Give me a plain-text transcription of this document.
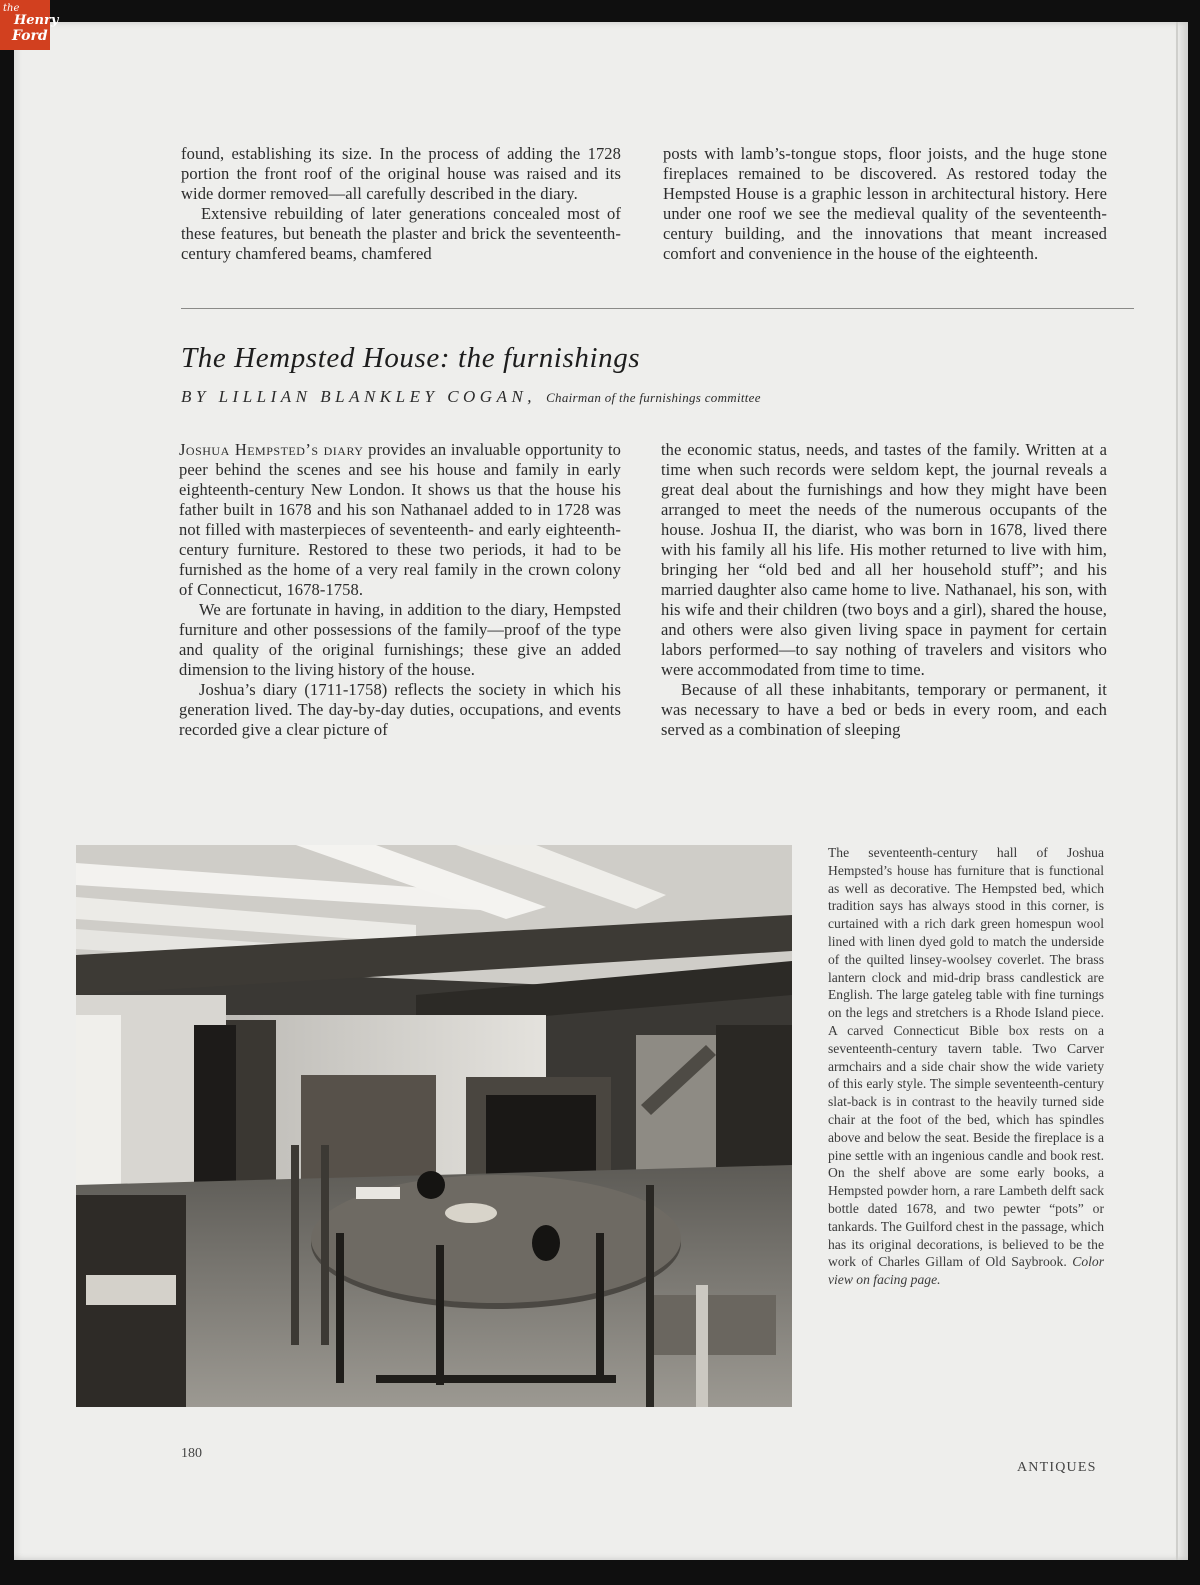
the
Henry
Ford

found, establishing its size. In the process of adding the 1728 portion the front roof of the original house was raised and its wide dormer removed—all carefully described in the diary.

Extensive rebuilding of later generations concealed most of these features, but beneath the plaster and brick the seventeenth-century chamfered beams, chamfered

posts with lamb’s-tongue stops, floor joists, and the huge stone fireplaces remained to be discovered. As restored today the Hempsted House is a graphic lesson in architectural history. Here under one roof we see the medieval quality of the seventeenth-century building, and the innovations that meant increased comfort and convenience in the house of the eighteenth.

The Hempsted House: the furnishings
BY LILLIAN BLANKLEY COGAN, Chairman of the furnishings committee

Joshua Hempsted’s diary provides an invaluable opportunity to peer behind the scenes and see his house and family in early eighteenth-century New London. It shows us that the house his father built in 1678 and his son Nathanael added to in 1728 was not filled with masterpieces of seventeenth- and early eighteenth-century furniture. Restored to these two periods, it had to be furnished as the home of a very real family in the crown colony of Connecticut, 1678-1758.

We are fortunate in having, in addition to the diary, Hempsted furniture and other possessions of the family—proof of the type and quality of the original furnishings; these give an added dimension to the living history of the house.

Joshua’s diary (1711-1758) reflects the society in which his generation lived. The day-by-day duties, occupations, and events recorded give a clear picture of

the economic status, needs, and tastes of the family. Written at a time when such records were seldom kept, the journal reveals a great deal about the furnishings and how they might have been arranged to meet the needs of the numerous occupants of the house. Joshua II, the diarist, who was born in 1678, lived there with his family all his life. His mother returned to live with him, bringing her “old bed and all her household stuff”; and his married daughter also came home to live. Nathanael, his son, with his wife and their children (two boys and a girl), shared the house, and others were also given living space in payment for certain labors performed—to say nothing of travelers and visitors who were accommodated from time to time.

Because of all these inhabitants, temporary or permanent, it was necessary to have a bed or beds in every room, and each served as a combination of sleeping

The seventeenth-century hall of Joshua Hempsted’s house has furniture that is functional as well as decorative. The Hempsted bed, which tradition says has always stood in this corner, is curtained with a rich dark green homespun wool lined with linen dyed gold to match the underside of the quilted linsey-woolsey coverlet. The brass lantern clock and mid-drip brass candlestick are English. The large gateleg table with fine turnings on the legs and stretchers is a Rhode Island piece. A carved Connecticut Bible box rests on a seventeenth-century tavern table. Two Carver armchairs and a side chair show the wide variety of this early style. The simple seventeenth-century slat-back is in contrast to the heavily turned side chair at the foot of the bed, which has spindles above and below the seat. Beside the fireplace is a pine settle with an ingenious candle and book rest. On the shelf above are some early books, a Hempsted powder horn, a rare Lambeth delft sack bottle dated 1678, and two pewter “pots” or tankards. The Guilford chest in the passage, which has its original decorations, is believed to be the work of Charles Gillam of Old Saybrook. Color view on facing page.

180
ANTIQUES
